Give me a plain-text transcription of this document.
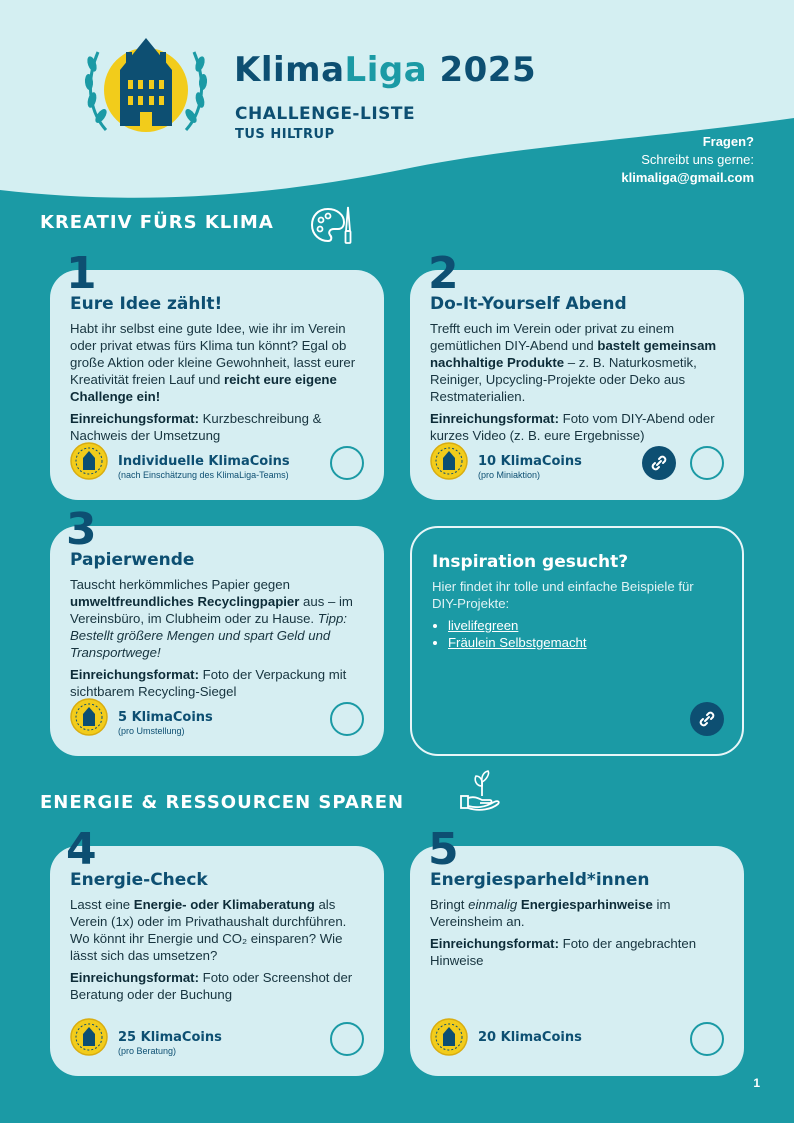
KlimaLiga 2025
CHALLENGE-LISTE
TUS HILTRUP	Fragen?
Schreibt uns gerne:
klimaliga@gmail.com
KREATIV FÜRS KLIMA
Eure Idee zählt!

Habt ihr selbst eine gute Idee, wie ihr im Verein oder privat etwas fürs Klima tun könnt? Egal ob große Aktion oder kleine Gewohnheit, lasst eurer Kreativität freien Lauf und reicht eure eigene Challenge ein!

Einreichungsformat: Kurzbeschreibung & Nachweis der Umsetzung

Individuelle KlimaCoins
(nach Einschätzung des KlimaLiga-Teams)
1
Do-It-Yourself Abend

Trefft euch im Verein oder privat zu einem gemütlichen DIY-Abend und bastelt gemeinsam nachhaltige Produkte – z. B. Naturkosmetik, Reiniger, Upcycling-Projekte oder Deko aus Restmaterialien.

Einreichungsformat: Foto vom DIY-Abend oder kurzes Video (z. B. eure Ergebnisse)

10 KlimaCoins
(pro Miniaktion)
2
Papierwende

Tauscht herkömmliches Papier gegen umweltfreundliches Recyclingpapier aus – im Vereinsbüro, im Clubheim oder zu Hause. Tipp: Bestellt größere Mengen und spart Geld und Transportwege!

Einreichungsformat: Foto der Verpackung mit sichtbarem Recycling-Siegel

5 KlimaCoins
(pro Umstellung)
3
Inspiration gesucht?

Hier findet ihr tolle und einfache Beispiele für DIY-Projekte:

• livelifegreen
• Fräulein Selbstgemacht
ENERGIE & RESSOURCEN SPAREN
Energie-Check

Lasst eine Energie- oder Klimaberatung als Verein (1x) oder im Privathaushalt durchführen. Wo könnt ihr Energie und CO₂ einsparen? Wie lässt sich das umsetzen?

Einreichungsformat: Foto oder Screenshot der Beratung oder der Buchung

25 KlimaCoins
(pro Beratung)
4
Energiesparheld*innen

Bringt einmalig Energiesparhinweise im Vereinsheim an.

Einreichungsformat: Foto der angebrachten Hinweise

20 KlimaCoins
5
1
